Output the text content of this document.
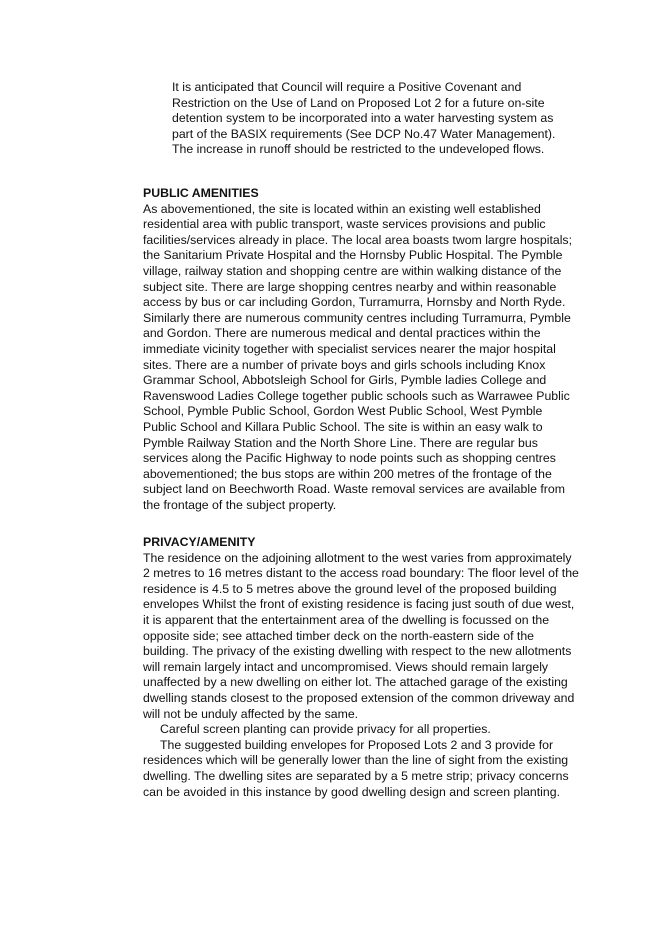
It is anticipated that Council will require a Positive Covenant and Restriction on the Use of Land on Proposed Lot 2 for a future on-site detention system to be incorporated into a water harvesting system as part of the BASIX requirements (See DCP No.47 Water Management). The increase in runoff should be restricted to the undeveloped flows.

PUBLIC AMENITIES

As abovementioned, the site is located within an existing well established residential area with public transport, waste services provisions and public facilities/services already in place. The local area boasts twom largre hospitals; the Sanitarium Private Hospital and the Hornsby Public Hospital. The Pymble village, railway station and shopping centre are within walking distance of the subject site. There are large shopping centres nearby and within reasonable access by bus or car including Gordon, Turramurra, Hornsby and North Ryde. Similarly there are numerous community centres including Turramurra, Pymble and Gordon. There are numerous medical and dental practices within the immediate vicinity together with specialist services nearer the major hospital sites. There are a number of private boys and girls schools including Knox Grammar School, Abbotsleigh School for Girls, Pymble ladies College and Ravenswood Ladies College together public schools such as Warrawee Public School, Pymble Public School, Gordon West Public School, West Pymble Public School and Killara Public School. The site is within an easy walk to Pymble Railway Station and the North Shore Line. There are regular bus services along the Pacific Highway to node points such as shopping centres abovementioned; the bus stops are within 200 metres of the frontage of the subject land on Beechworth Road. Waste removal services are available from the frontage of the subject property.

PRIVACY/AMENITY

The residence on the adjoining allotment to the west varies from approximately 2 metres to 16 metres distant to the access road boundary: The floor level of the residence is 4.5 to 5 metres above the ground level of the proposed building envelopes Whilst the front of existing residence is facing just south of due west, it is apparent that the entertainment area of the dwelling is focussed on the opposite side; see attached timber deck on the north-eastern side of the building. The privacy of the existing dwelling with respect to the new allotments will remain largely intact and uncompromised. Views should remain largely unaffected by a new dwelling on either lot. The attached garage of the existing dwelling stands closest to the proposed extension of the common driveway and will not be unduly affected by the same.

Careful screen planting can provide privacy for all properties.

The suggested building envelopes for Proposed Lots 2 and 3 provide for residences which will be generally lower than the line of sight from the existing dwelling. The dwelling sites are separated by a 5 metre strip; privacy concerns can be avoided in this instance by good dwelling design and screen planting.
